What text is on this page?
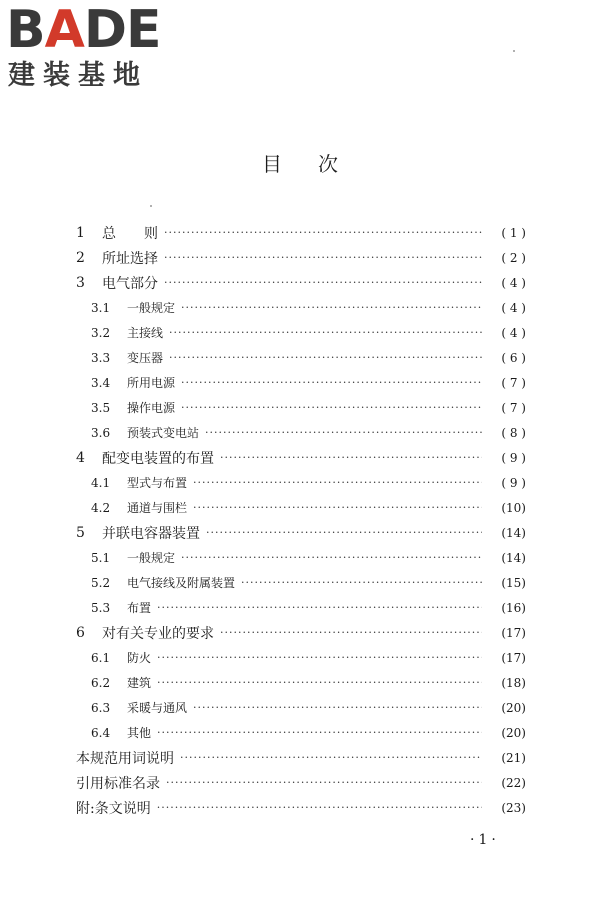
BADE

建装基地

目次
1	总　　则 ·····	( 1 )
2	所址选择 ·····	( 2 )
3	电气部分 ·····	( 4 )
3.1	一般规定 ·····	( 4 )
3.2	主接线 ·····	( 4 )
3.3	变压器 ·····	( 6 )
3.4	所用电源 ·····	( 7 )
3.5	操作电源 ·····	( 7 )
3.6	预装式变电站 ·····	( 8 )
4	配变电装置的布置 ·····	( 9 )
4.1	型式与布置 ·····	( 9 )
4.2	通道与围栏 ·····	(10)
5	并联电容器装置 ·····	(14)
5.1	一般规定 ·····	(14)
5.2	电气接线及附属装置 ·····	(15)
5.3	布置 ·····	(16)
6	对有关专业的要求 ·····	(17)
6.1	防火 ·····	(17)
6.2	建筑 ·····	(18)
6.3	采暖与通风 ·····	(20)
6.4	其他 ·····	(20)
本规范用词说明 ·····	(21)
引用标准名录 ·····	(22)
附:条文说明 ·····	(23)

·1·
